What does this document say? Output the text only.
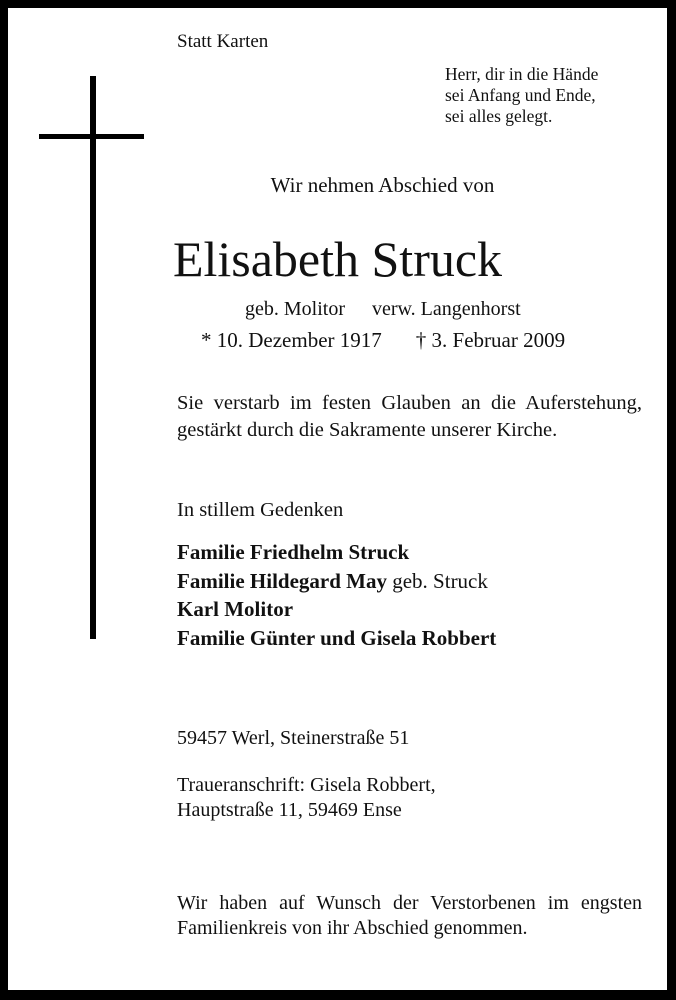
Statt Karten
Herr, dir in die Hände
sei Anfang und Ende,
sei alles gelegt.
Wir nehmen Abschied von
Elisabeth Struck
geb. Molitor verw. Langenhorst
* 10. Dezember 1917 † 3. Februar 2009
Sie verstarb im festen Glauben an die Auferstehung, gestärkt durch die Sakramente unserer Kirche.
In stillem Gedenken
Familie Friedhelm Struck
Familie Hildegard May geb. Struck
Karl Molitor
Familie Günter und Gisela Robbert
59457 Werl, Steinerstraße 51
Traueranschrift: Gisela Robbert,
Hauptstraße 11, 59469 Ense
Wir haben auf Wunsch der Verstorbenen im engsten Familienkreis von ihr Abschied genommen.
